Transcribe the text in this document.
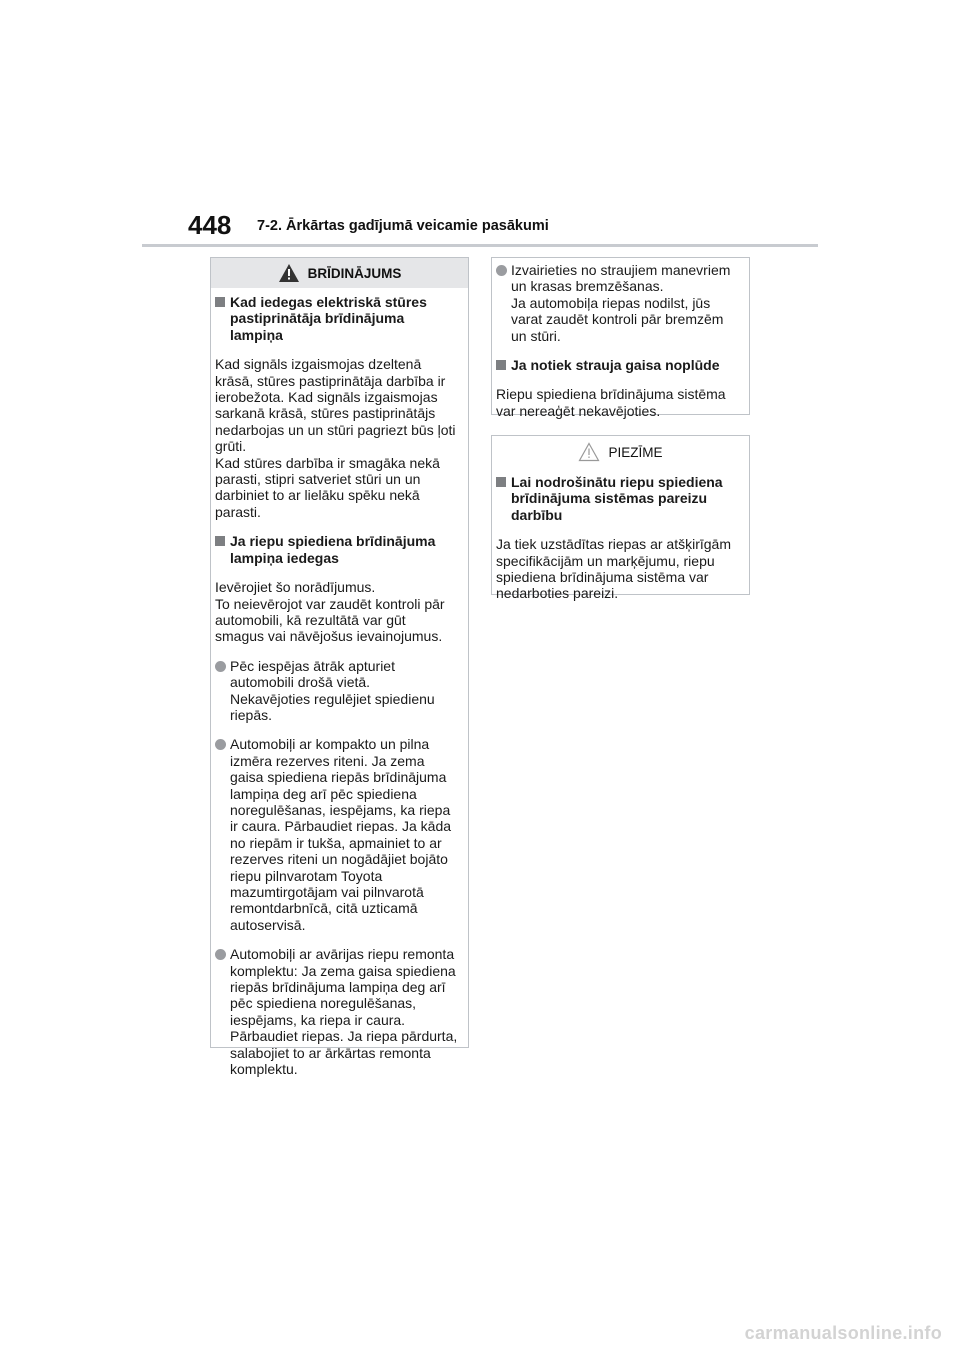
448 7-2. Ārkārtas gadījumā veicamie pasākumi
BRĪDINĀJUMS
Kad iedegas elektriskā stūres pastiprinātāja brīdinājuma lampiņa
Kad signāls izgaismojas dzeltenā krāsā, stūres pastiprinātāja darbība ir ierobežota. Kad signāls izgaismojas sarkanā krāsā, stūres pastiprinātājs nedarbojas un un stūri pagriezt būs ļoti grūti.
Kad stūres darbība ir smagāka nekā parasti, stipri satveriet stūri un un darbiniet to ar lielāku spēku nekā parasti.
Ja riepu spiediena brīdinājuma lampiņa iedegas
Ievērojiet šo norādījumus.
To neievērojot var zaudēt kontroli pār automobili, kā rezultātā var gūt smagus vai nāvējošus ievainojumus.
Pēc iespējas ātrāk apturiet automobili drošā vietā.
Nekavējoties regulējiet spiedienu riepās.
Automobiļi ar kompakto un pilna izmēra rezerves riteni. Ja zema gaisa spiediena riepās brīdinājuma lampiņa deg arī pēc spiediena noregulēšanas, iespējams, ka riepa ir caura. Pārbaudiet riepas. Ja kāda no riepām ir tukša, apmainiet to ar rezerves riteni un nogādājiet bojāto riepu pilnvarotam Toyota mazumtirgotājam vai pilnvarotā remontdarbnīcā, citā uzticamā autoservisā.
Automobiļi ar avārijas riepu remonta komplektu: Ja zema gaisa spiediena riepās brīdinājuma lampiņa deg arī pēc spiediena noregulēšanas, iespējams, ka riepa ir caura. Pārbaudiet riepas. Ja riepa pārdurta, salabojiet to ar ārkārtas remonta komplektu.
Izvairieties no straujiem manevriem un krasas bremzēšanas.
Ja automobiļa riepas nodilst, jūs varat zaudēt kontroli pār bremzēm un stūri.
Ja notiek strauja gaisa noplūde
Riepu spiediena brīdinājuma sistēma var nereaģēt nekavējoties.
PIEZĪME
Lai nodrošinātu riepu spiediena brīdinājuma sistēmas pareizu darbību
Ja tiek uzstādītas riepas ar atšķirīgām specifikācijām un marķējumu, riepu spiediena brīdinājuma sistēma var nedarboties pareizi.
carmanualsonline.info
